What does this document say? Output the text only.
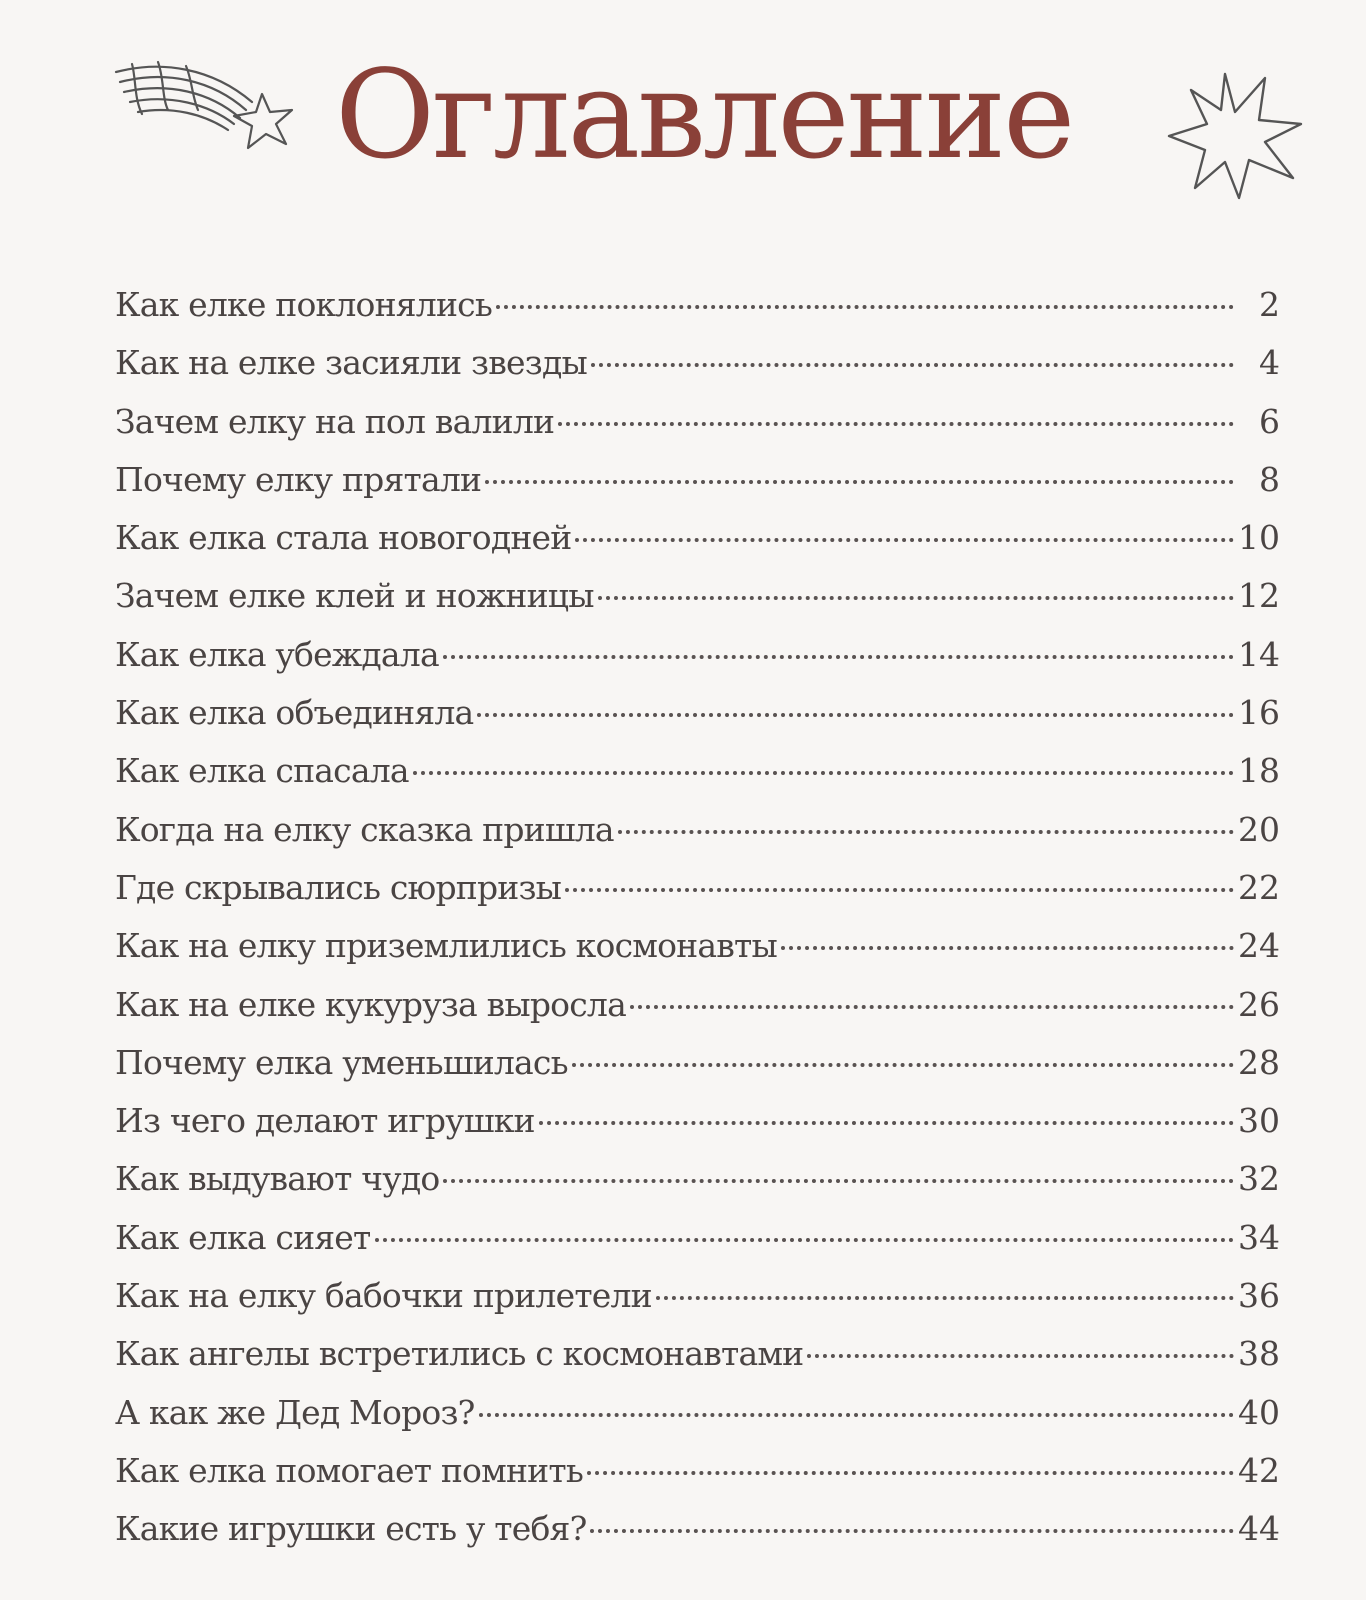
Оглавление
Как елке поклонялись	2
Как на елке засияли звезды	4
Зачем елку на пол валили	6
Почему елку прятали	8
Как елка стала новогодней	10
Зачем елке клей и ножницы	12
Как елка убеждала	14
Как елка объединяла	16
Как елка спасала	18
Когда на елку сказка пришла	20
Где скрывались сюрпризы	22
Как на елку приземлились космонавты	24
Как на елке кукуруза выросла	26
Почему елка уменьшилась	28
Из чего делают игрушки	30
Как выдувают чудо	32
Как елка сияет	34
Как на елку бабочки прилетели	36
Как ангелы встретились с космонавтами	38
А как же Дед Мороз?	40
Как елка помогает помнить	42
Какие игрушки есть у тебя?	44
